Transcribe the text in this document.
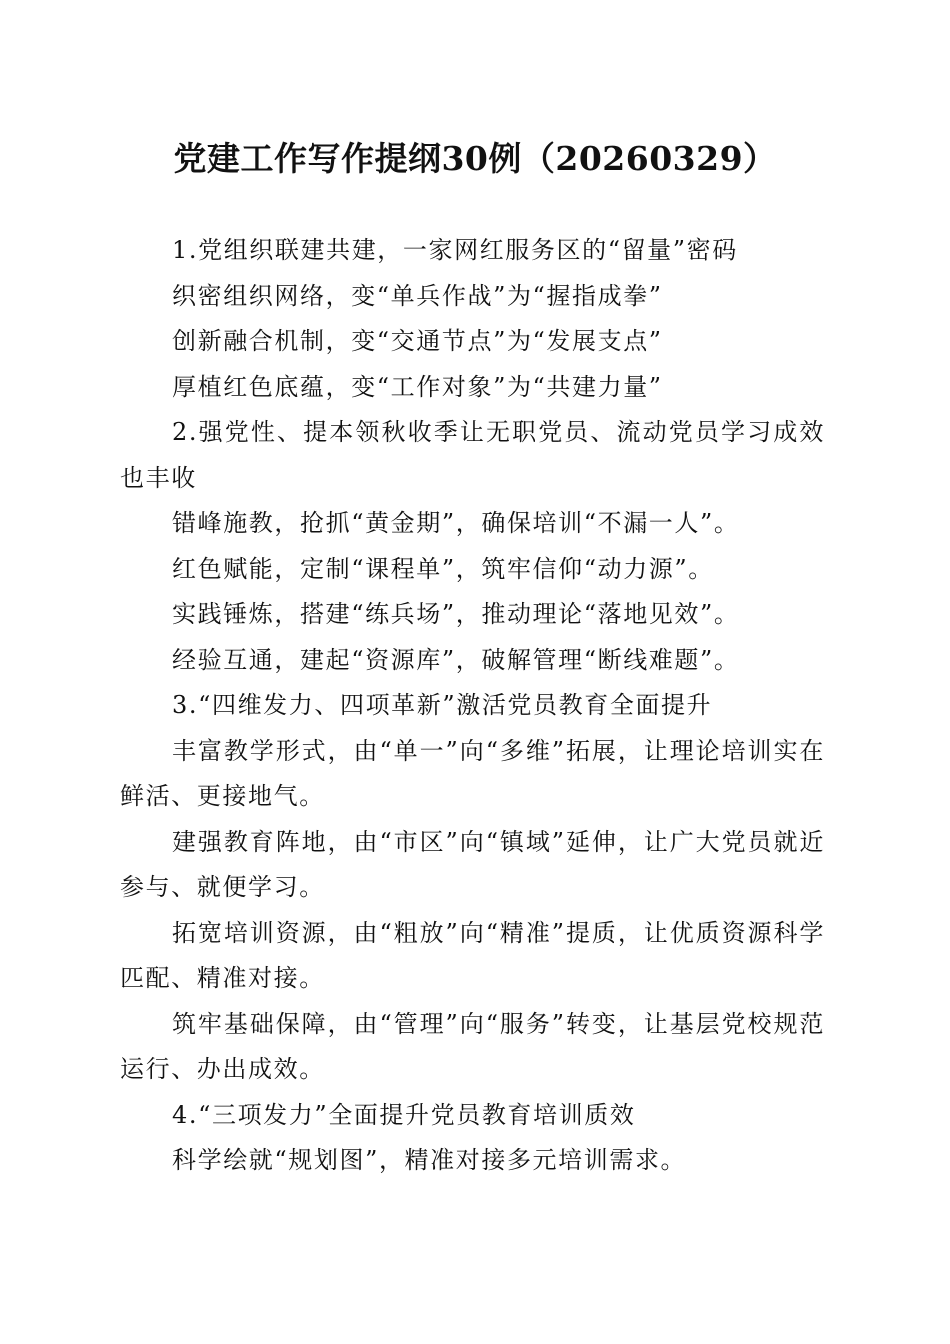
党建工作写作提纲30例（20260329）

1.党组织联建共建，一家网红服务区的“留量”密码

织密组织网络，变“单兵作战”为“握指成拳”

创新融合机制，变“交通节点”为“发展支点”

厚植红色底蕴，变“工作对象”为“共建力量”

2.强党性、提本领秋收季让无职党员、流动党员学习成效也丰收

错峰施教，抢抓“黄金期”，确保培训“不漏一人”。

红色赋能，定制“课程单”，筑牢信仰“动力源”。

实践锤炼，搭建“练兵场”，推动理论“落地见效”。

经验互通，建起“资源库”，破解管理“断线难题”。

3.“四维发力、四项革新”激活党员教育全面提升

丰富教学形式，由“单一”向“多维”拓展，让理论培训实在鲜活、更接地气。

建强教育阵地，由“市区”向“镇域”延伸，让广大党员就近参与、就便学习。

拓宽培训资源，由“粗放”向“精准”提质，让优质资源科学匹配、精准对接。

筑牢基础保障，由“管理”向“服务”转变，让基层党校规范运行、办出成效。

4.“三项发力”全面提升党员教育培训质效

科学绘就“规划图”，精准对接多元培训需求。
